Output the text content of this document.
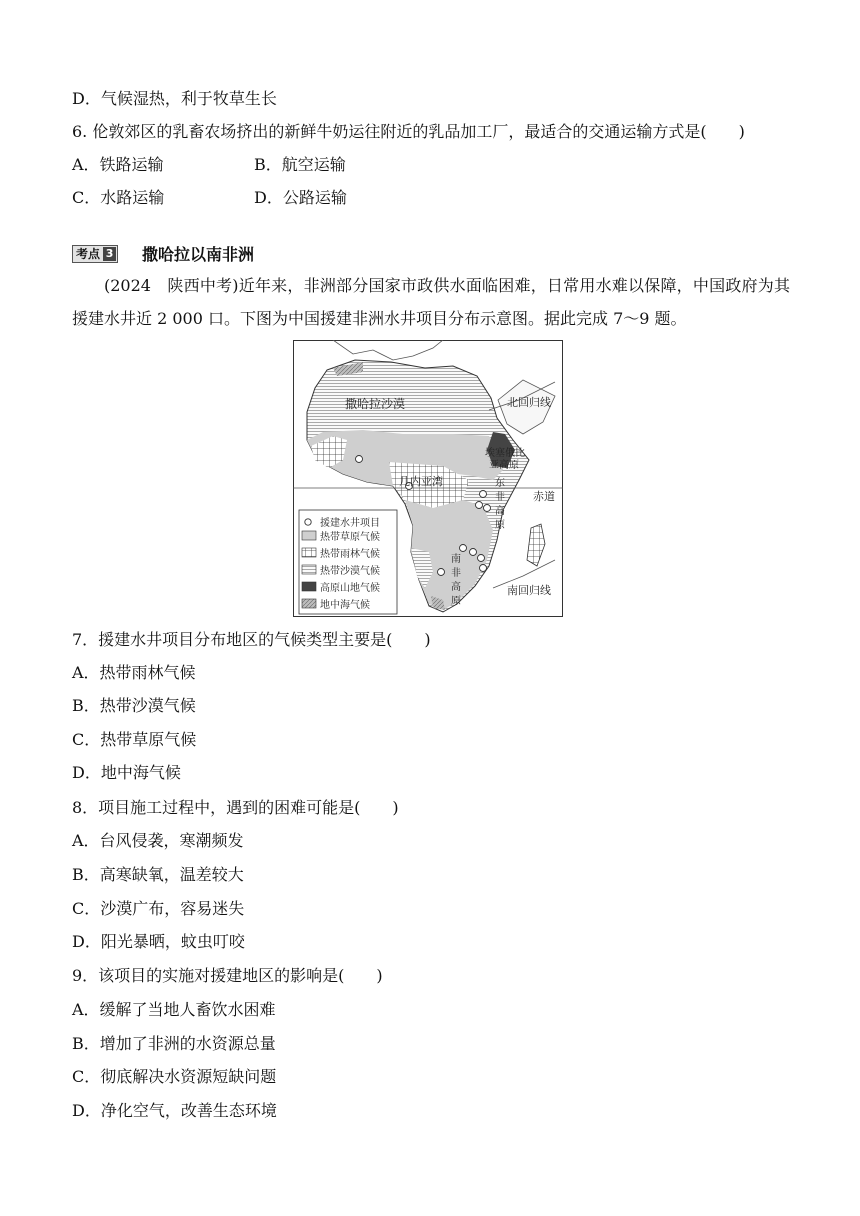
D．气候湿热，利于牧草生长
6. 伦敦郊区的乳畜农场挤出的新鲜牛奶运往附近的乳品加工厂，最适合的交通运输方式是(　　)
A．铁路运输	B．航空运输
C．水路运输	D．公路运输
考点 3 撒哈拉以南非洲
(2024　陕西中考)近年来，非洲部分国家市政供水面临困难，日常用水难以保障，中国政府为其援建水井近 2 000 口。下图为中国援建非洲水井项目分布示意图。据此完成 7～9 题。
撒哈拉沙漠	北回归线
赤道
南回归线
几内亚湾
埃塞俄比
亚高原
东
非
高
原
南
非
高
原
援建水井项目
热带草原气候
热带雨林气候
热带沙漠气候
高原山地气候
地中海气候
7．援建水井项目分布地区的气候类型主要是(　　)
A．热带雨林气候
B．热带沙漠气候
C．热带草原气候
D．地中海气候
8．项目施工过程中，遇到的困难可能是(　　)
A．台风侵袭，寒潮频发
B．高寒缺氧，温差较大
C．沙漠广布，容易迷失
D．阳光暴晒，蚊虫叮咬
9．该项目的实施对援建地区的影响是(　　)
A．缓解了当地人畜饮水困难
B．增加了非洲的水资源总量
C．彻底解决水资源短缺问题
D．净化空气，改善生态环境
